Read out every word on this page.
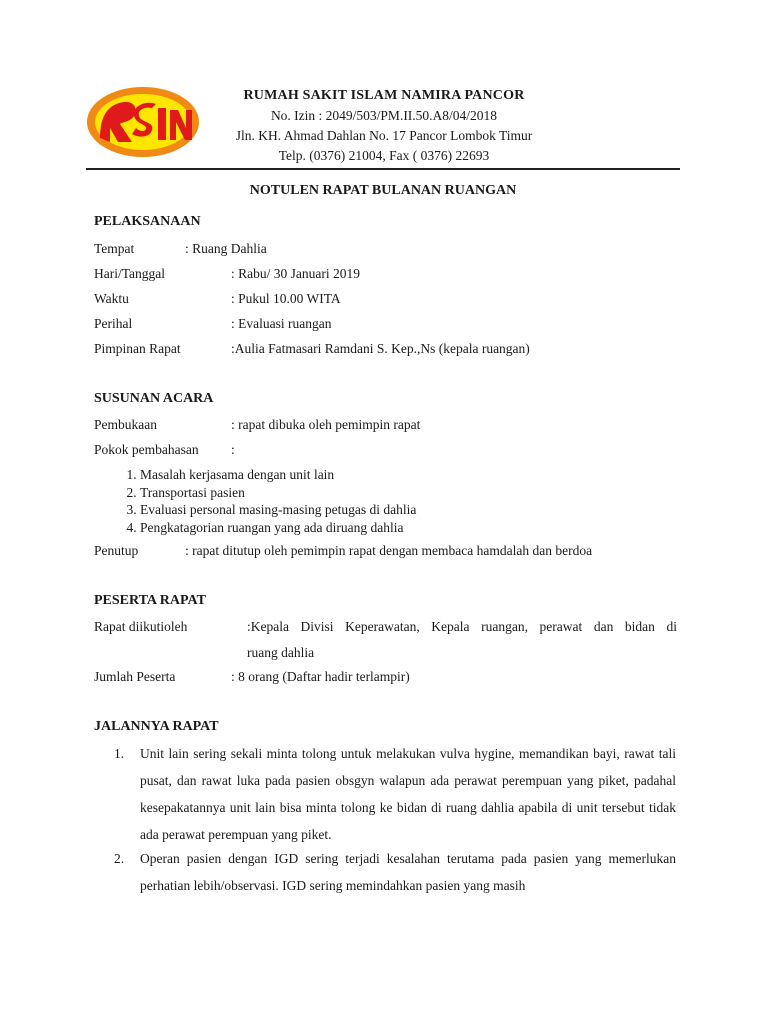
RUMAH SAKIT ISLAM NAMIRA PANCOR
No. Izin : 2049/503/PM.II.50.A8/04/2018
Jln. KH. Ahmad Dahlan No. 17 Pancor Lombok Timur
Telp. (0376) 21004, Fax ( 0376) 22693
NOTULEN RAPAT BULANAN RUANGAN
PELAKSANAAN
Tempat	: Ruang Dahlia
Hari/Tanggal	: Rabu/ 30 Januari 2019
Waktu	: Pukul 10.00 WITA
Perihal	: Evaluasi ruangan
Pimpinan Rapat	:Aulia Fatmasari Ramdani S. Kep.,Ns (kepala ruangan)
SUSUNAN ACARA
Pembukaan	: rapat dibuka oleh pemimpin rapat
Pokok pembahasan :
1. Masalah kerjasama dengan unit lain
2. Transportasi pasien
3. Evaluasi personal masing-masing petugas di dahlia
4. Pengkatagorian ruangan yang ada diruang dahlia
Penutup	: rapat ditutup oleh pemimpin rapat dengan membaca hamdalah dan berdoa
PESERTA RAPAT
Rapat diikutioleh	:Kepala Divisi Keperawatan, Kepala ruangan, perawat dan bidan di
ruang dahlia
Jumlah Peserta	: 8 orang (Daftar hadir terlampir)
JALANNYA RAPAT
1. Unit lain sering sekali minta tolong untuk melakukan vulva hygine, memandikan bayi, rawat tali pusat, dan rawat luka pada pasien obsgyn walapun ada perawat perempuan yang piket, padahal kesepakatannya unit lain bisa minta tolong ke bidan di ruang dahlia apabila di unit tersebut tidak ada perawat perempuan yang piket.
2. Operan pasien dengan IGD sering terjadi kesalahan terutama pada pasien yang memerlukan perhatian lebih/observasi. IGD sering memindahkan pasien yang masih
